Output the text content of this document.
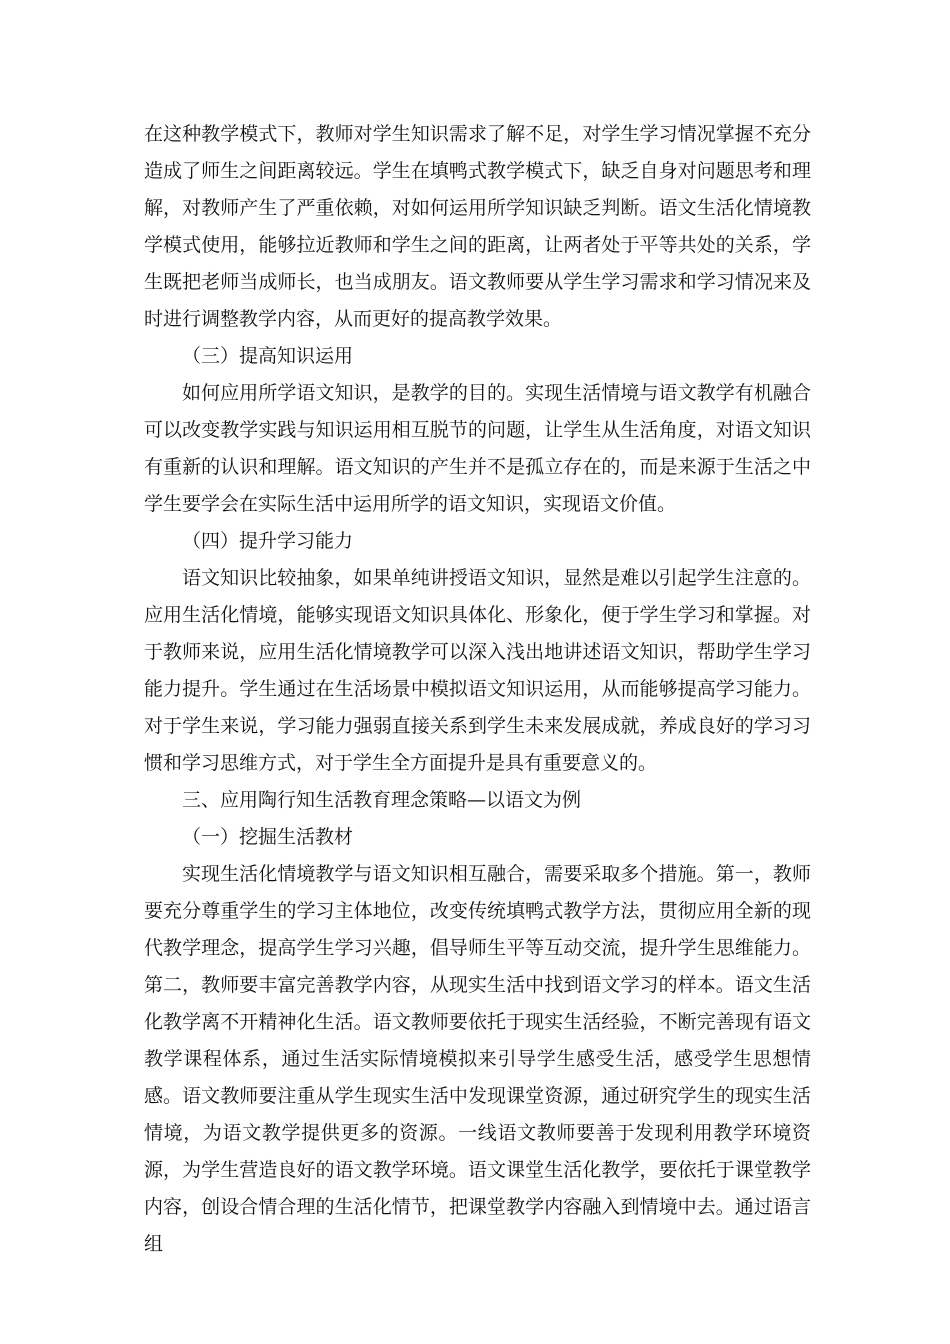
在这种教学模式下，教师对学生知识需求了解不足，对学生学习情况掌握不充分造成了师生之间距离较远。学生在填鸭式教学模式下，缺乏自身对问题思考和理解，对教师产生了严重依赖，对如何运用所学知识缺乏判断。语文生活化情境教学模式使用，能够拉近教师和学生之间的距离，让两者处于平等共处的关系，学生既把老师当成师长，也当成朋友。语文教师要从学生学习需求和学习情况来及时进行调整教学内容，从而更好的提高教学效果。

（三）提高知识运用

如何应用所学语文知识，是教学的目的。实现生活情境与语文教学有机融合可以改变教学实践与知识运用相互脱节的问题，让学生从生活角度，对语文知识有重新的认识和理解。语文知识的产生并不是孤立存在的，而是来源于生活之中学生要学会在实际生活中运用所学的语文知识，实现语文价值。

（四）提升学习能力

语文知识比较抽象，如果单纯讲授语文知识，显然是难以引起学生注意的。应用生活化情境，能够实现语文知识具体化、形象化，便于学生学习和掌握。对于教师来说，应用生活化情境教学可以深入浅出地讲述语文知识，帮助学生学习能力提升。学生通过在生活场景中模拟语文知识运用，从而能够提高学习能力。对于学生来说，学习能力强弱直接关系到学生未来发展成就，养成良好的学习习惯和学习思维方式，对于学生全方面提升是具有重要意义的。

三、应用陶行知生活教育理念策略—以语文为例

（一）挖掘生活教材

实现生活化情境教学与语文知识相互融合，需要采取多个措施。第一，教师要充分尊重学生的学习主体地位，改变传统填鸭式教学方法，贯彻应用全新的现代教学理念，提高学生学习兴趣，倡导师生平等互动交流，提升学生思维能力。第二，教师要丰富完善教学内容，从现实生活中找到语文学习的样本。语文生活化教学离不开精神化生活。语文教师要依托于现实生活经验，不断完善现有语文教学课程体系，通过生活实际情境模拟来引导学生感受生活，感受学生思想情感。语文教师要注重从学生现实生活中发现课堂资源，通过研究学生的现实生活情境，为语文教学提供更多的资源。一线语文教师要善于发现利用教学环境资源，为学生营造良好的语文教学环境。语文课堂生活化教学，要依托于课堂教学内容，创设合情合理的生活化情节，把课堂教学内容融入到情境中去。通过语言组
